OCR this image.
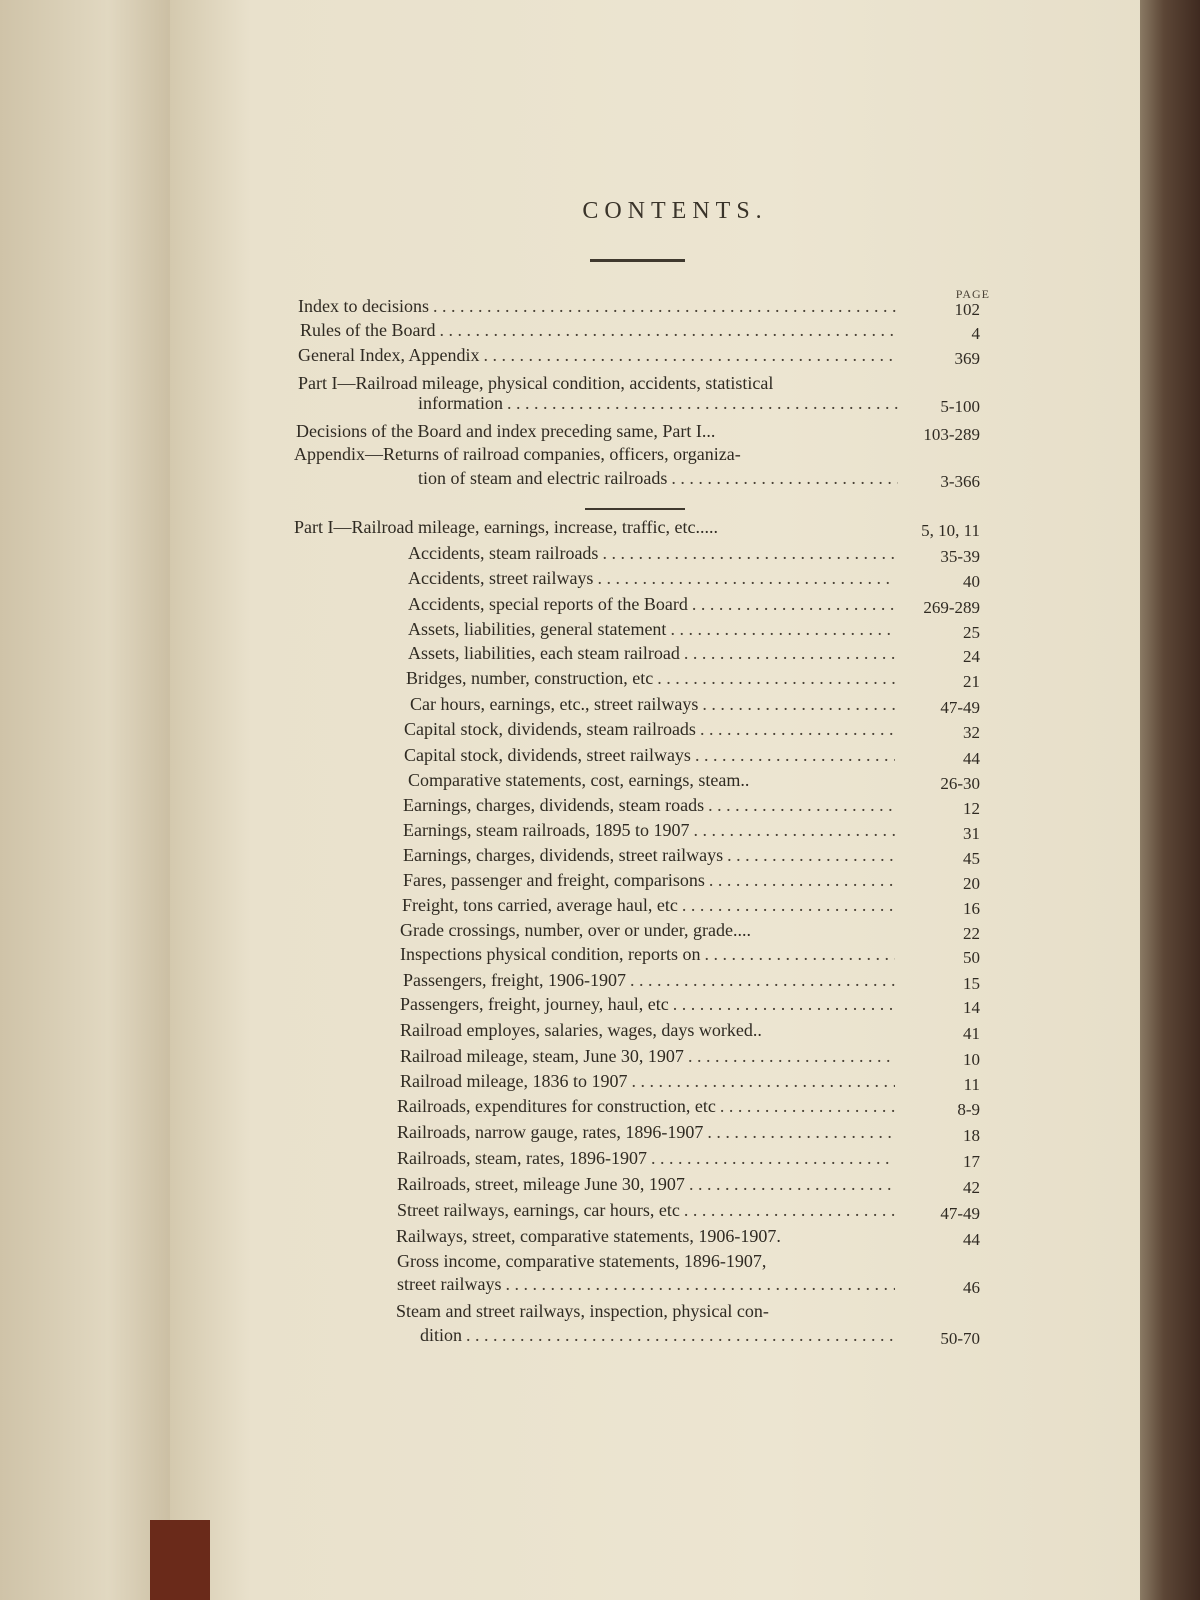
CONTENTS.
PAGE
Index to decisions . . .	102
Rules of the Board . . .	4
General Index, Appendix . . .	369
Part I—Railroad mileage, physical condition, accidents, statistical
information . . .	5-100
Decisions of the Board and index preceding same, Part I...	103-289
Appendix—Returns of railroad companies, officers, organiza-
tion of steam and electric railroads . . .	3-366
Part I—Railroad mileage, earnings, increase, traffic, etc.....	5, 10, 11
Accidents, steam railroads . . .	35-39
Accidents, street railways . . .	40
Accidents, special reports of the Board . . .	269-289
Assets, liabilities, general statement . . .	25
Assets, liabilities, each steam railroad . . .	24
Bridges, number, construction, etc . . .	21
Car hours, earnings, etc., street railways . . .	47-49
Capital stock, dividends, steam railroads . . .	32
Capital stock, dividends, street railways . . .	44
Comparative statements, cost, earnings, steam..	26-30
Earnings, charges, dividends, steam roads . . .	12
Earnings, steam railroads, 1895 to 1907 . . .	31
Earnings, charges, dividends, street railways . . .	45
Fares, passenger and freight, comparisons . . .	20
Freight, tons carried, average haul, etc . . .	16
Grade crossings, number, over or under, grade....	22
Inspections physical condition, reports on . . .	50
Passengers, freight, 1906-1907 . . .	15
Passengers, freight, journey, haul, etc . . .	14
Railroad employes, salaries, wages, days worked..	41
Railroad mileage, steam, June 30, 1907 . . .	10
Railroad mileage, 1836 to 1907 . . .	11
Railroads, expenditures for construction, etc . . .	8-9
Railroads, narrow gauge, rates, 1896-1907 . . .	18
Railroads, steam, rates, 1896-1907 . . .	17
Railroads, street, mileage June 30, 1907 . . .	42
Street railways, earnings, car hours, etc . . .	47-49
Railways, street, comparative statements, 1906-1907.	44
Gross income, comparative statements, 1896-1907,
street railways . . .	46
Steam and street railways, inspection, physical con-
dition . . .	50-70
